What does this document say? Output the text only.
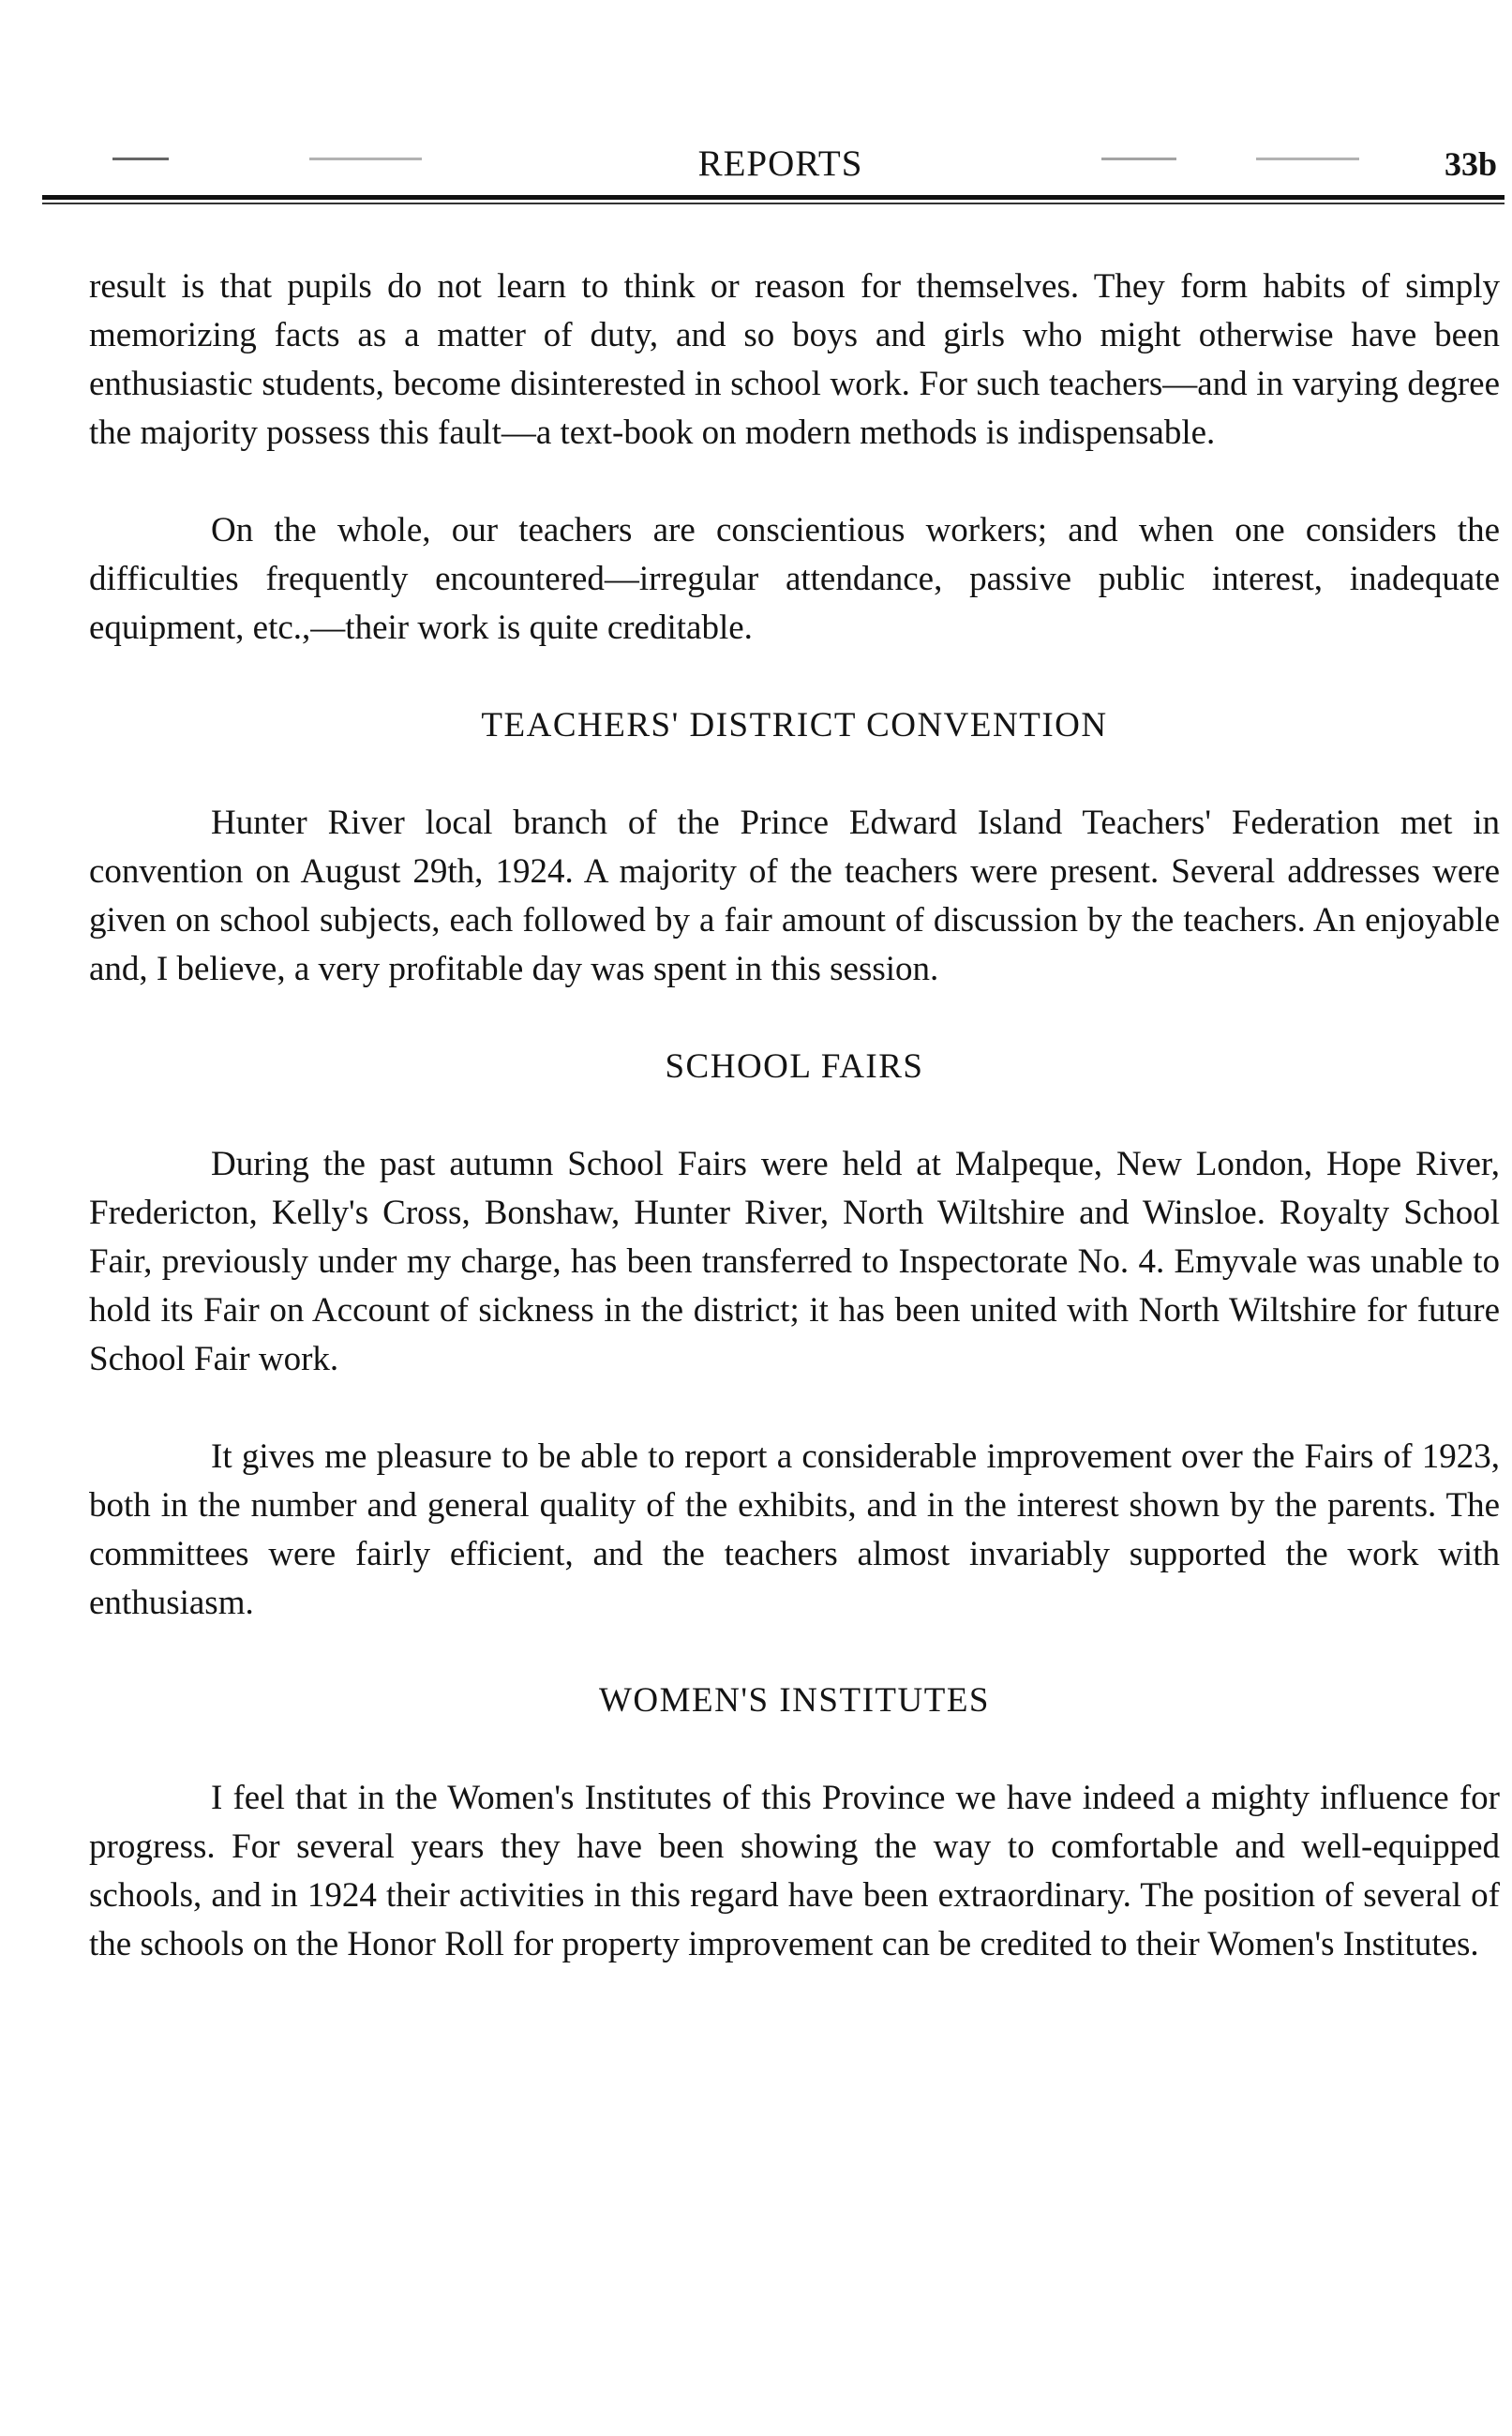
REPORTS	33b

result is that pupils do not learn to think or reason for themselves. They form habits of simply memorizing facts as a matter of duty, and so boys and girls who might otherwise have been enthusiastic students, become disinterested in school work. For such teachers—and in varying degree the majority possess this fault—a text-book on modern methods is indispensable.

On the whole, our teachers are conscientious workers; and when one considers the difficulties frequently encountered—irregular attendance, passive public interest, inadequate equipment, etc.,—their work is quite creditable.

TEACHERS' DISTRICT CONVENTION

Hunter River local branch of the Prince Edward Island Teachers' Federation met in convention on August 29th, 1924. A majority of the teachers were present. Several addresses were given on school subjects, each followed by a fair amount of discussion by the teachers. An enjoyable and, I believe, a very profitable day was spent in this session.

SCHOOL FAIRS

During the past autumn School Fairs were held at Malpeque, New London, Hope River, Fredericton, Kelly's Cross, Bonshaw, Hunter River, North Wiltshire and Winsloe. Royalty School Fair, previously under my charge, has been transferred to Inspectorate No. 4. Emyvale was unable to hold its Fair on Account of sickness in the district; it has been united with North Wiltshire for future School Fair work.

It gives me pleasure to be able to report a considerable improvement over the Fairs of 1923, both in the number and general quality of the exhibits, and in the interest shown by the parents. The committees were fairly efficient, and the teachers almost invariably supported the work with enthusiasm.

WOMEN'S INSTITUTES

I feel that in the Women's Institutes of this Province we have indeed a mighty influence for progress. For several years they have been showing the way to comfortable and well-equipped schools, and in 1924 their activities in this regard have been extraordinary. The position of several of the schools on the Honor Roll for property improvement can be credited to their Women's Institutes.
